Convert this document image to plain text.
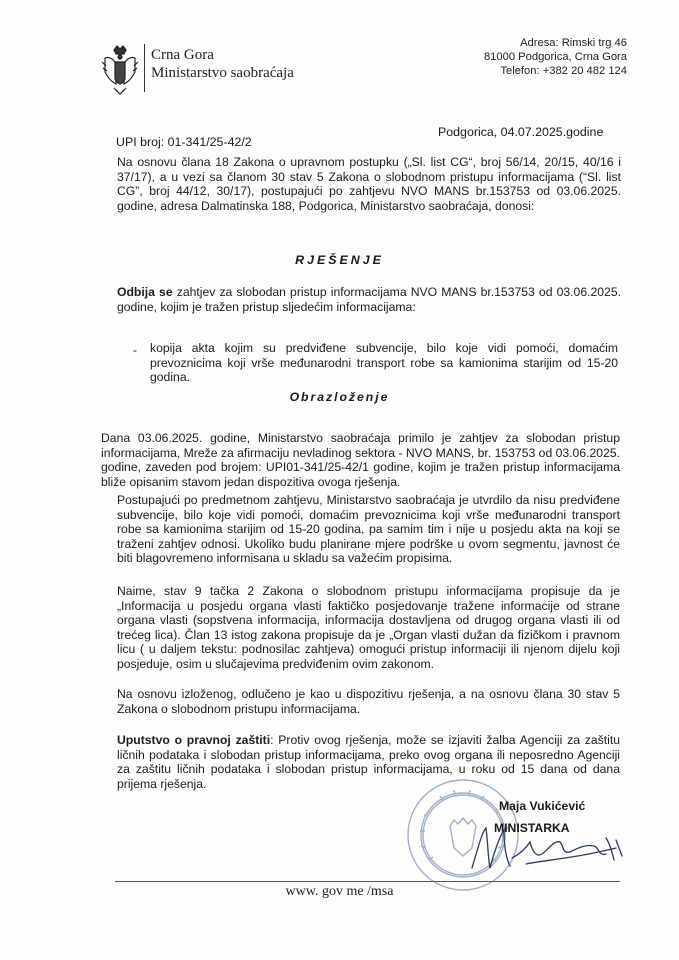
Crna Gora
Ministarstvo saobraćaja
Adresa: Rimski trg 46
81000 Podgorica, Crna Gora
Telefon: +382 20 482 124
UPI broj: 01-341/25-42/2
Podgorica, 04.07.2025.godine
Na osnovu člana 18 Zakona o upravnom postupku („Sl. list CG“, broj 56/14, 20/15, 40/16 i 37/17), a u vezi sa članom 30 stav 5 Zakona o slobodnom pristupu informacijama (“Sl. list CG”, broj 44/12, 30/17), postupajući po zahtjevu NVO MANS br.153753 od 03.06.2025. godine, adresa Dalmatinska 188, Podgorica, Ministarstvo saobraćaja, donosi:
RJEŠENJE
Odbija se zahtjev za slobodan pristup informacijama NVO MANS br.153753 od 03.06.2025. godine, kojim je tražen pristup sljedećim informacijama:
- kopija akta kojim su predviđene subvencije, bilo koje vidi pomoći, domaćim prevoznicima koji vrše međunarodni transport robe sa kamionima starijim od 15-20 godina.
Obrazloženje
Dana 03.06.2025. godine, Ministarstvo saobraćaja primilo je zahtjev za slobodan pristup informacijama, Mreže za afirmaciju nevladinog sektora - NVO MANS, br. 153753 od 03.06.2025. godine, zaveden pod brojem: UPI01-341/25-42/1 godine, kojim je tražen pristup informacijama bliže opisanim stavom jedan dispozitiva ovoga rješenja.
Postupajući po predmetnom zahtjevu, Ministarstvo saobraćaja je utvrdilo da nisu predviđene subvencije, bilo koje vidi pomoći, domaćim prevoznicima koji vrše međunarodni transport robe sa kamionima starijim od 15-20 godina, pa samim tim i nije u posjedu akta na koji se traženi zahtjev odnosi. Ukoliko budu planirane mjere podrške u ovom segmentu, javnost će biti blagovremeno informisana u skladu sa važećim propisima.
Naime, stav 9 tačka 2 Zakona o slobodnom pristupu informacijama propisuje da je „Informacija u posjedu organa vlasti faktičko posjedovanje tražene informacije od strane organa vlasti (sopstvena informacija, informacija dostavljena od drugog organa vlasti ili od trećeg lica). Član 13 istog zakona propisuje da je „Organ vlasti dužan da fizičkom i pravnom licu ( u daljem tekstu: podnosilac zahtjeva) omogući pristup informaciji ili njenom dijelu koji posjeduje, osim u slučajevima predviđenim ovim zakonom.
Na osnovu izloženog, odlučeno je kao u dispozitivu rješenja, a na osnovu člana 30 stav 5 Zakona o slobodnom pristupu informacijama.
Uputstvo o pravnoj zaštiti: Protiv ovog rješenja, može se izjaviti žalba Agenciji za zaštitu ličnih podataka i slobodan pristup informacijama, preko ovog organa ili neposredno Agenciji za zaštitu ličnih podataka i slobodan pristup informacijama, u roku od 15 dana od dana prijema rješenja.
Maja Vukićević
MINISTARKA
www. gov me /msa
